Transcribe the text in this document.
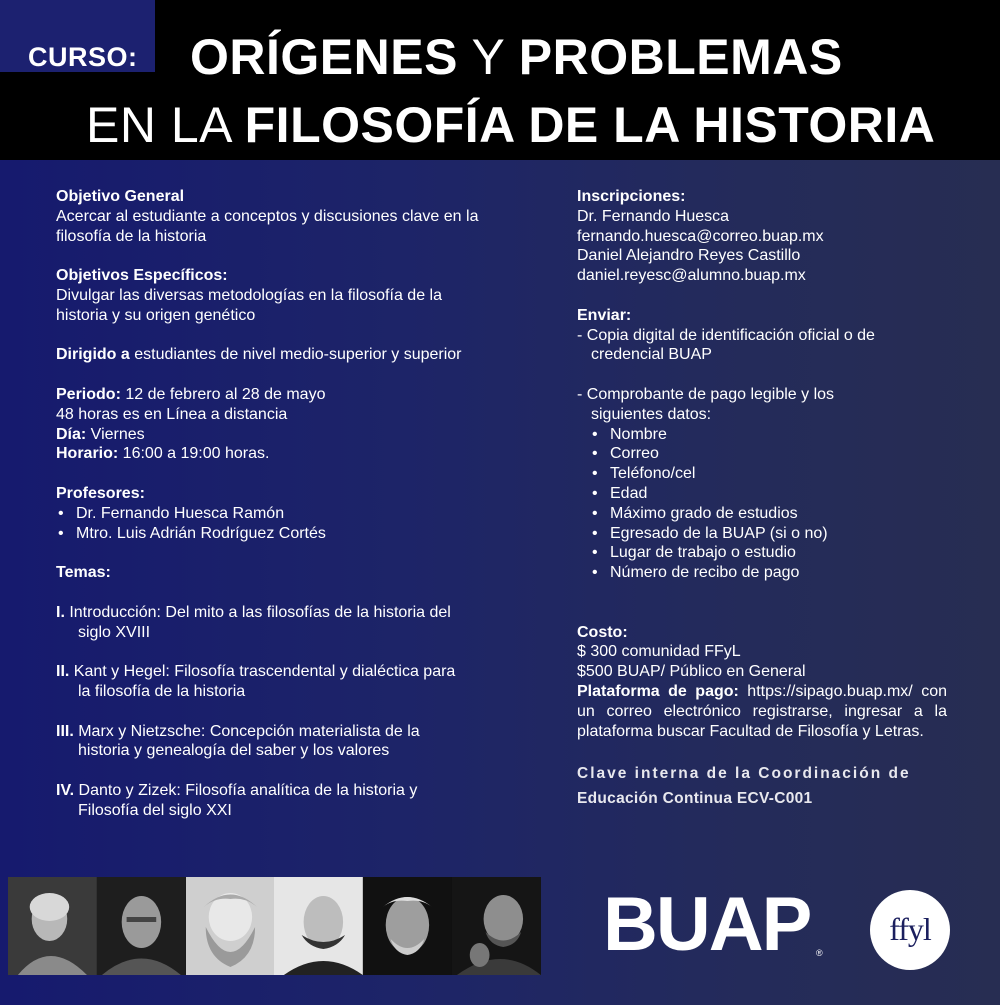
CURSO: ORÍGENES Y PROBLEMAS
EN LA FILOSOFÍA DE LA HISTORIA
Objetivo General
Acercar al estudiante a conceptos y discusiones clave en la filosofía de la historia
Objetivos Específicos:
Divulgar las diversas metodologías en la filosofía de la historia y su origen genético
Dirigido a estudiantes de nivel medio-superior y superior
Periodo: 12 de febrero al 28 de mayo
48 horas es en Línea a distancia
Día: Viernes
Horario: 16:00 a 19:00 horas.
Profesores:
• Dr. Fernando Huesca Ramón
• Mtro. Luis Adrián Rodríguez Cortés
Temas:
I. Introducción: Del mito a las filosofías de la historia del
siglo XVIII
II. Kant y Hegel: Filosofía trascendental y dialéctica para
la filosofía de la historia
III. Marx y Nietzsche: Concepción materialista de la
historia y genealogía del saber y los valores
IV. Danto y Zizek: Filosofía analítica de la historia y
Filosofía del siglo XXI
Inscripciones:
Dr. Fernando Huesca
fernando.huesca@correo.buap.mx
Daniel Alejandro Reyes Castillo
daniel.reyesc@alumno.buap.mx
Enviar:
- Copia digital de identificación oficial o de
credencial BUAP
- Comprobante de pago legible y los
siguientes datos:
• Nombre
• Correo
• Teléfono/cel
• Edad
• Máximo grado de estudios
• Egresado de la BUAP (si o no)
• Lugar de trabajo o estudio
• Número de recibo de pago
Costo:
$ 300 comunidad FFyL
$500 BUAP/ Público en General
Plataforma de pago: https://sipago.buap.mx/ con un correo electrónico registrarse, ingresar a la plataforma buscar Facultad de Filosofía y Letras.
Clave interna de la Coordinación de
Educación Continua ECV-C001
BUAP ®
ffyl
